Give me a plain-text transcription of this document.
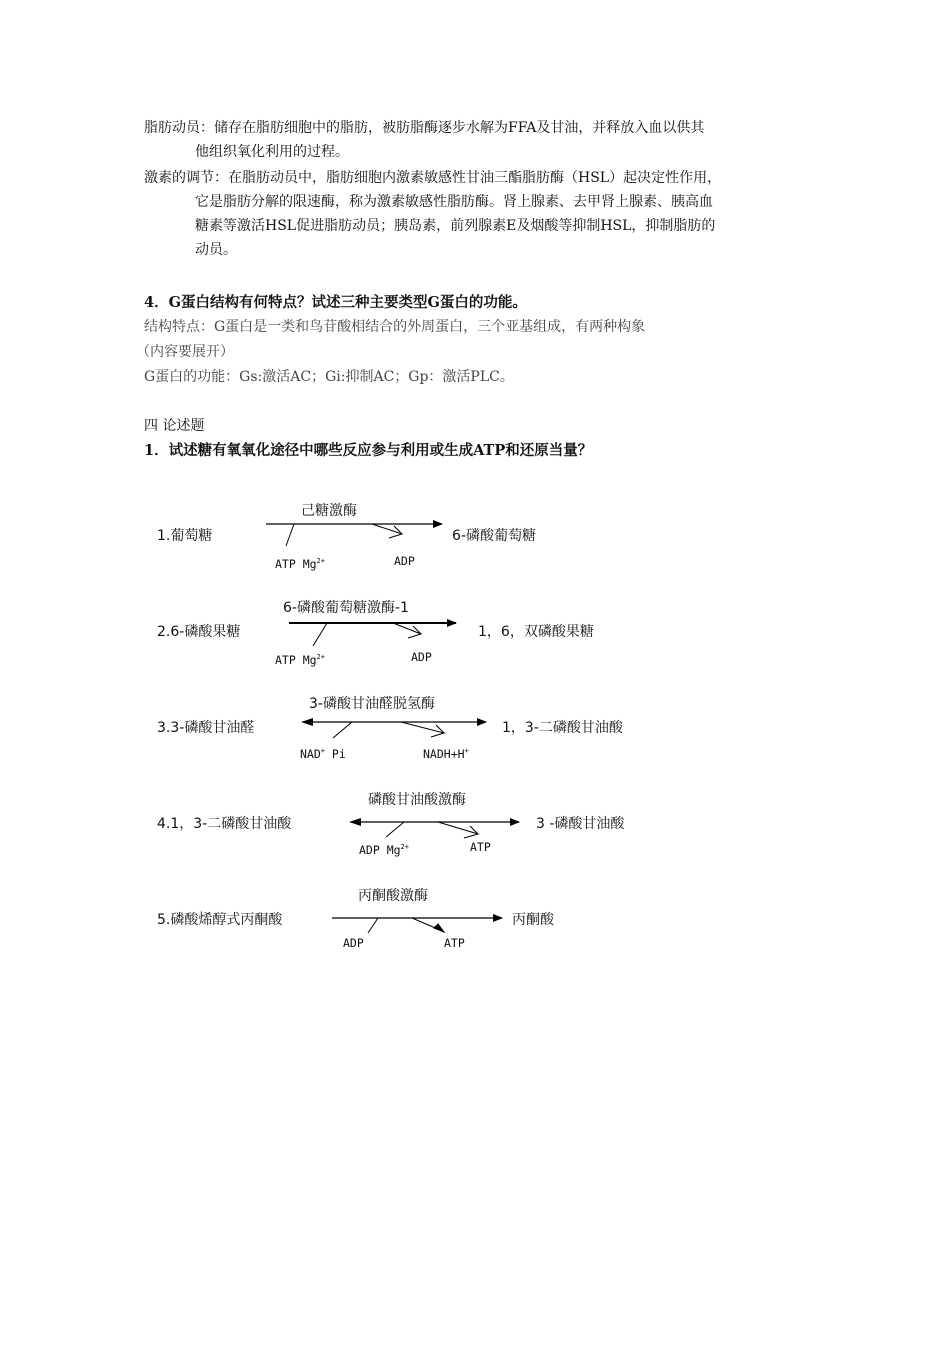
脂肪动员：储存在脂肪细胞中的脂肪，被肪脂酶逐步水解为FFA及甘油，并释放入血以供其
他组织氧化利用的过程。

激素的调节：在脂肪动员中，脂肪细胞内激素敏感性甘油三酯脂肪酶（HSL）起决定性作用，
它是脂肪分解的限速酶，称为激素敏感性脂肪酶。肾上腺素、去甲肾上腺素、胰高血
糖素等激活HSL促进脂肪动员；胰岛素，前列腺素E及烟酸等抑制HSL，抑制脂肪的
动员。

4．G蛋白结构有何特点？试述三种主要类型G蛋白的功能。

结构特点：G蛋白是一类和鸟苷酸相结合的外周蛋白，三个亚基组成，有两种构象

（内容要展开）

G蛋白的功能：Gs:激活AC；Gi:抑制AC；Gp：激活PLC。

四 论述题

1．试述糖有氧氧化途径中哪些反应参与利用或生成ATP和还原当量？

1.葡萄糖
己糖激酶
6-磷酸葡萄糖
ATP $Mg^{2+}$	ADP
2.6-磷酸果糖
6-磷酸葡萄糖激酶-1
1，6，双磷酸果糖
ATP $Mg^{2+}$	ADP
3.3-磷酸甘油醛
3-磷酸甘油醛脱氢酶
1，3-二磷酸甘油酸
NAD+ Pi	NADH+H+
4.1，3-二磷酸甘油酸
磷酸甘油酸激酶
3 -磷酸甘油酸
ADP $Mg^{2+}$	ATP
5.磷酸烯醇式丙酮酸
丙酮酸激酶
丙酮酸
ADP	ATP
